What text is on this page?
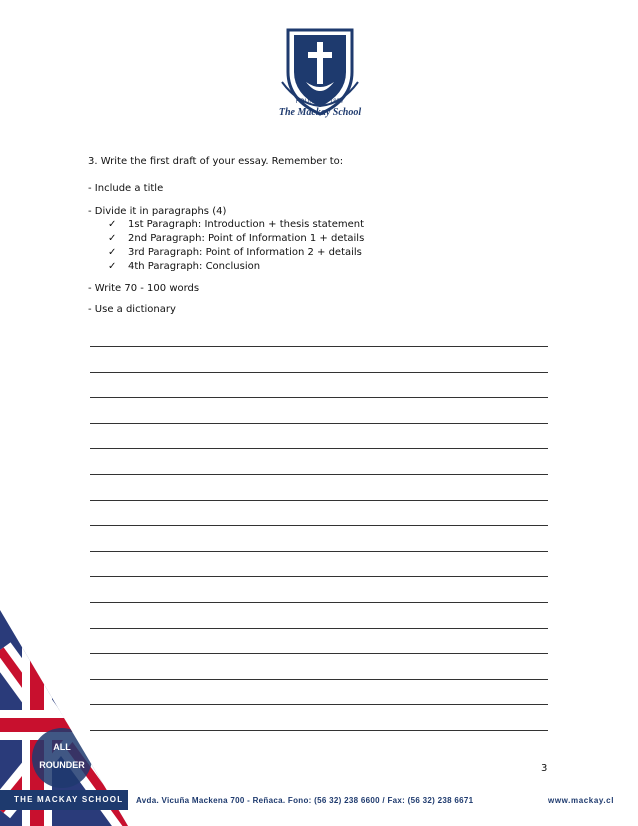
FOUNDED 1857
The Mackay School
3. Write the first draft of your essay. Remember to:
- Include a title
- Divide it in paragraphs (4)
✓ 1st Paragraph: Introduction + thesis statement
✓ 2nd Paragraph: Point of Information 1 + details
✓ 3rd Paragraph: Point of Information 2 + details
✓ 4th Paragraph: Conclusion
- Write 70 - 100 words
- Use a dictionary
3
ALL
ROUNDER
THE MACKAY SCHOOL Avda. Vicuña Mackena 700 - Reñaca. Fono: (56 32) 238 6600 / Fax: (56 32) 238 6671	www.mackay.cl
